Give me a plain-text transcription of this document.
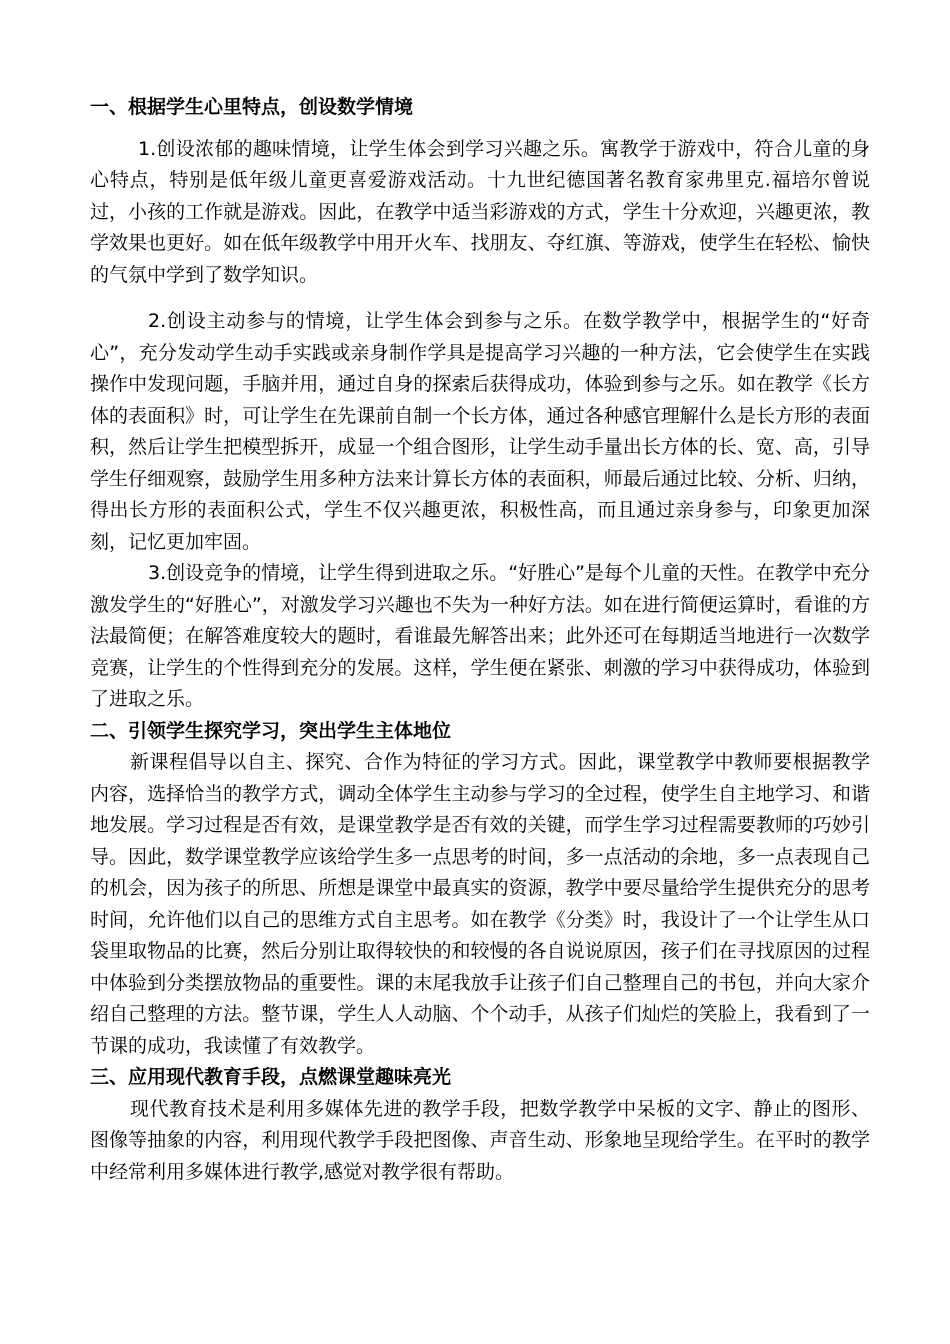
一、根据学生心里特点，创设数学情境

1.创设浓郁的趣味情境，让学生体会到学习兴趣之乐。寓教学于游戏中，符合儿童的身心特点，特别是低年级儿童更喜爱游戏活动。十九世纪德国著名教育家弗里克.福培尔曾说过，小孩的工作就是游戏。因此，在教学中适当彩游戏的方式，学生十分欢迎，兴趣更浓，教学效果也更好。如在低年级教学中用开火车、找朋友、夺红旗、等游戏，使学生在轻松、愉快的气氛中学到了数学知识。

2.创设主动参与的情境，让学生体会到参与之乐。在数学教学中，根据学生的“好奇心”，充分发动学生动手实践或亲身制作学具是提高学习兴趣的一种方法，它会使学生在实践操作中发现问题，手脑并用，通过自身的探索后获得成功，体验到参与之乐。如在教学《长方体的表面积》时，可让学生在先课前自制一个长方体，通过各种感官理解什么是长方形的表面积，然后让学生把模型拆开，成显一个组合图形，让学生动手量出长方体的长、宽、高，引导学生仔细观察，鼓励学生用多种方法来计算长方体的表面积，师最后通过比较、分析、归纳，得出长方形的表面积公式，学生不仅兴趣更浓，积极性高，而且通过亲身参与，印象更加深刻，记忆更加牢固。

3.创设竞争的情境，让学生得到进取之乐。“好胜心”是每个儿童的天性。在教学中充分激发学生的“好胜心”，对激发学习兴趣也不失为一种好方法。如在进行简便运算时，看谁的方法最简便；在解答难度较大的题时，看谁最先解答出来；此外还可在每期适当地进行一次数学竞赛，让学生的个性得到充分的发展。这样，学生便在紧张、刺激的学习中获得成功，体验到了进取之乐。

二、引领学生探究学习，突出学生主体地位

新课程倡导以自主、探究、合作为特征的学习方式。因此，课堂教学中教师要根据教学内容，选择恰当的教学方式，调动全体学生主动参与学习的全过程，使学生自主地学习、和谐地发展。学习过程是否有效，是课堂教学是否有效的关键，而学生学习过程需要教师的巧妙引导。因此，数学课堂教学应该给学生多一点思考的时间，多一点活动的余地，多一点表现自己的机会，因为孩子的所思、所想是课堂中最真实的资源，教学中要尽量给学生提供充分的思考时间，允许他们以自己的思维方式自主思考。如在教学《分类》时，我设计了一个让学生从口袋里取物品的比赛，然后分别让取得较快的和较慢的各自说说原因，孩子们在寻找原因的过程中体验到分类摆放物品的重要性。课的末尾我放手让孩子们自己整理自己的书包，并向大家介绍自己整理的方法。整节课，学生人人动脑、个个动手，从孩子们灿烂的笑脸上，我看到了一节课的成功，我读懂了有效教学。

三、应用现代教育手段，点燃课堂趣味亮光

现代教育技术是利用多媒体先进的教学手段，把数学教学中呆板的文字、静止的图形、图像等抽象的内容，利用现代教学手段把图像、声音生动、形象地呈现给学生。在平时的教学中经常利用多媒体进行教学,感觉对教学很有帮助。
